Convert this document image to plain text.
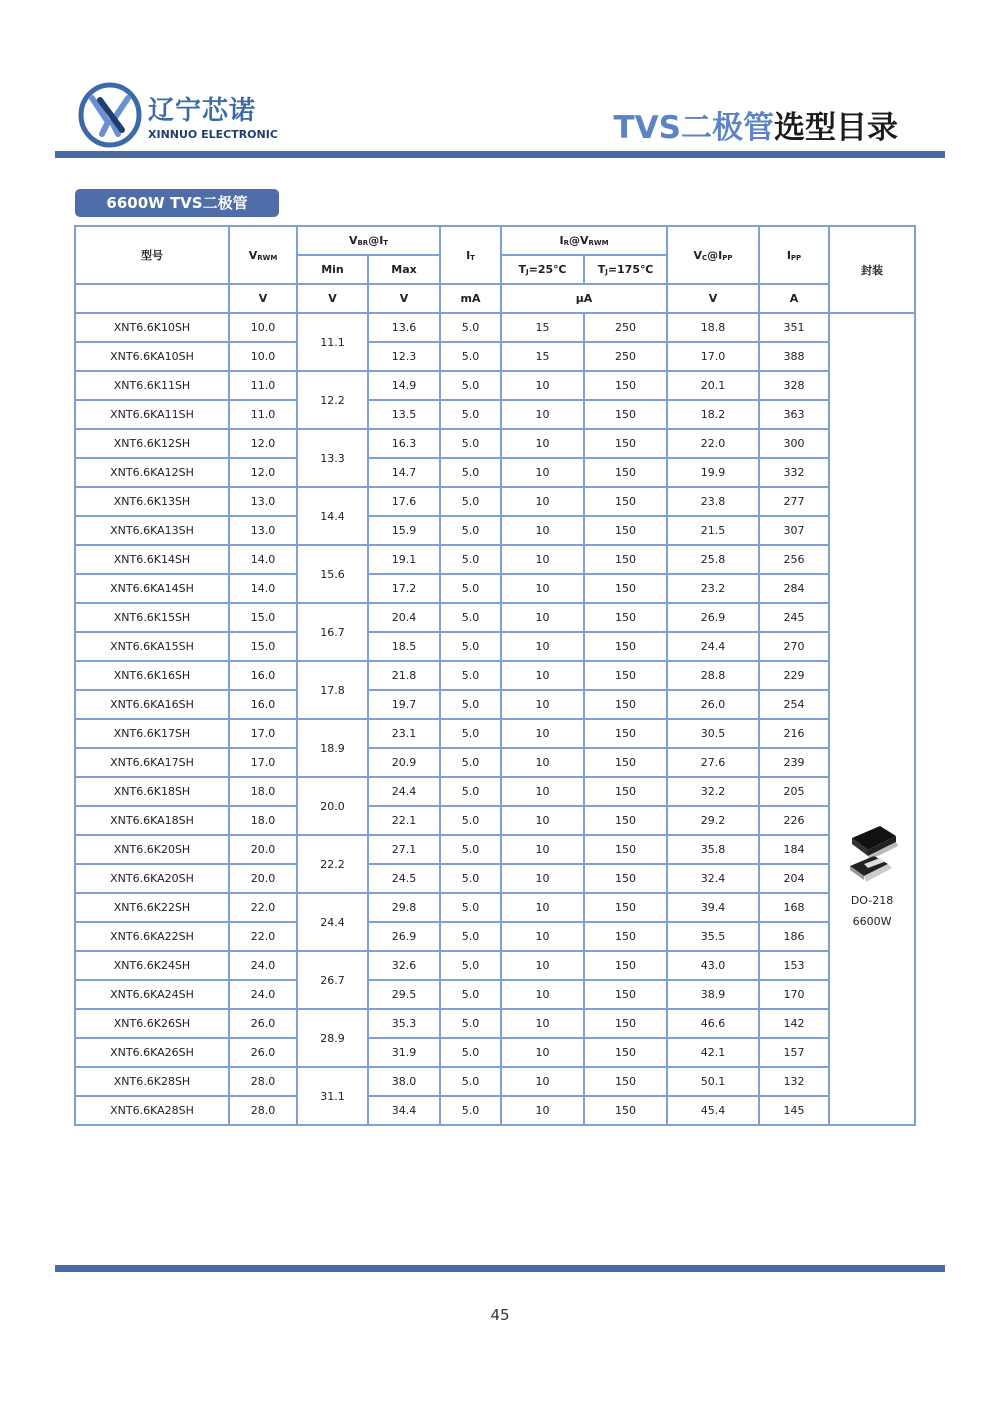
辽宁芯诺
XINNUO ELECTRONIC	TVS二极管选型目录
6600W TVS二极管
型号	$V_{RWM}$	$V_{BR}@I_T$		$I_T$	$I_R@V_{RWM}$		$V_C@I_{PP}$	$I_{PP}$	封装
		Min	Max		$T_J=25℃$	$T_J=175℃$			
	V	V	V	mA	μA		V	A	
XNT6.6K10SH	10.0	11.1	13.6	5.0	15	250	18.8	351	DO-218
6600W

XNT6.6KA10SH	10.0		12.3	5.0	15	250	17.0	388	
XNT6.6K11SH	11.0	12.2	14.9	5.0	10	150	20.1	328	
XNT6.6KA11SH	11.0		13.5	5.0	10	150	18.2	363	
XNT6.6K12SH	12.0	13.3	16.3	5.0	10	150	22.0	300	
XNT6.6KA12SH	12.0		14.7	5.0	10	150	19.9	332	
XNT6.6K13SH	13.0	14.4	17.6	5.0	10	150	23.8	277	
XNT6.6KA13SH	13.0		15.9	5.0	10	150	21.5	307	
XNT6.6K14SH	14.0	15.6	19.1	5.0	10	150	25.8	256	
XNT6.6KA14SH	14.0		17.2	5.0	10	150	23.2	284	
XNT6.6K15SH	15.0	16.7	20.4	5.0	10	150	26.9	245	
XNT6.6KA15SH	15.0		18.5	5.0	10	150	24.4	270	
XNT6.6K16SH	16.0	17.8	21.8	5.0	10	150	28.8	229	
XNT6.6KA16SH	16.0		19.7	5.0	10	150	26.0	254	
XNT6.6K17SH	17.0	18.9	23.1	5.0	10	150	30.5	216	
XNT6.6KA17SH	17.0		20.9	5.0	10	150	27.6	239	
XNT6.6K18SH	18.0	20.0	24.4	5.0	10	150	32.2	205	
XNT6.6KA18SH	18.0		22.1	5.0	10	150	29.2	226	
XNT6.6K20SH	20.0	22.2	27.1	5.0	10	150	35.8	184	
XNT6.6KA20SH	20.0		24.5	5.0	10	150	32.4	204	
XNT6.6K22SH	22.0	24.4	29.8	5.0	10	150	39.4	168	
XNT6.6KA22SH	22.0		26.9	5.0	10	150	35.5	186	
XNT6.6K24SH	24.0	26.7	32.6	5.0	10	150	43.0	153	
XNT6.6KA24SH	24.0		29.5	5.0	10	150	38.9	170	
XNT6.6K26SH	26.0	28.9	35.3	5.0	10	150	46.6	142	
XNT6.6KA26SH	26.0		31.9	5.0	10	150	42.1	157	
XNT6.6K28SH	28.0	31.1	38.0	5.0	10	150	50.1	132	
XNT6.6KA28SH	28.0		34.4	5.0	10	150	45.4	145	
45
